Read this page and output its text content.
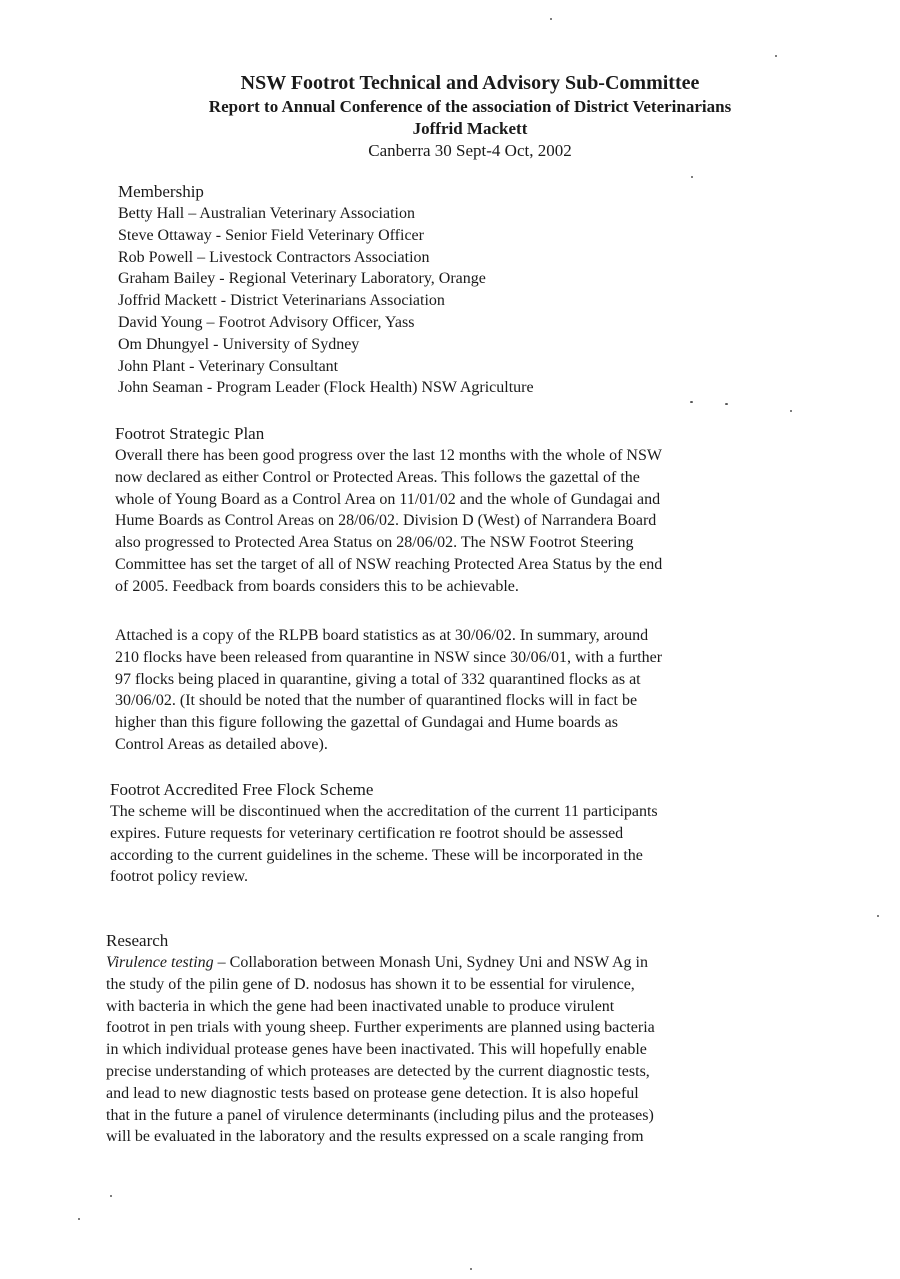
NSW Footrot Technical and Advisory Sub-Committee
Report to Annual Conference of the association of District Veterinarians
Joffrid Mackett
Canberra 30 Sept-4 Oct, 2002
Membership
Betty Hall – Australian Veterinary Association
Steve Ottaway - Senior Field Veterinary Officer
Rob Powell – Livestock Contractors Association
Graham Bailey - Regional Veterinary Laboratory, Orange
Joffrid Mackett - District Veterinarians Association
David Young – Footrot Advisory Officer, Yass
Om Dhungyel - University of Sydney
John Plant - Veterinary Consultant
John Seaman - Program Leader (Flock Health) NSW Agriculture
Footrot Strategic Plan
Overall there has been good progress over the last 12 months with the whole of NSW
now declared as either Control or Protected Areas. This follows the gazettal of the
whole of Young Board as a Control Area on 11/01/02 and the whole of Gundagai and
Hume Boards as Control Areas on 28/06/02. Division D (West) of Narrandera Board
also progressed to Protected Area Status on 28/06/02. The NSW Footrot Steering
Committee has set the target of all of NSW reaching Protected Area Status by the end
of 2005. Feedback from boards considers this to be achievable.
Attached is a copy of the RLPB board statistics as at 30/06/02. In summary, around
210 flocks have been released from quarantine in NSW since 30/06/01, with a further
97 flocks being placed in quarantine, giving a total of 332 quarantined flocks as at
30/06/02. (It should be noted that the number of quarantined flocks will in fact be
higher than this figure following the gazettal of Gundagai and Hume boards as
Control Areas as detailed above).
Footrot Accredited Free Flock Scheme
The scheme will be discontinued when the accreditation of the current 11 participants
expires. Future requests for veterinary certification re footrot should be assessed
according to the current guidelines in the scheme. These will be incorporated in the
footrot policy review.
Research
Virulence testing – Collaboration between Monash Uni, Sydney Uni and NSW Ag in
the study of the pilin gene of D. nodosus has shown it to be essential for virulence,
with bacteria in which the gene had been inactivated unable to produce virulent
footrot in pen trials with young sheep. Further experiments are planned using bacteria
in which individual protease genes have been inactivated. This will hopefully enable
precise understanding of which proteases are detected by the current diagnostic tests,
and lead to new diagnostic tests based on protease gene detection. It is also hopeful
that in the future a panel of virulence determinants (including pilus and the proteases)
will be evaluated in the laboratory and the results expressed on a scale ranging from
